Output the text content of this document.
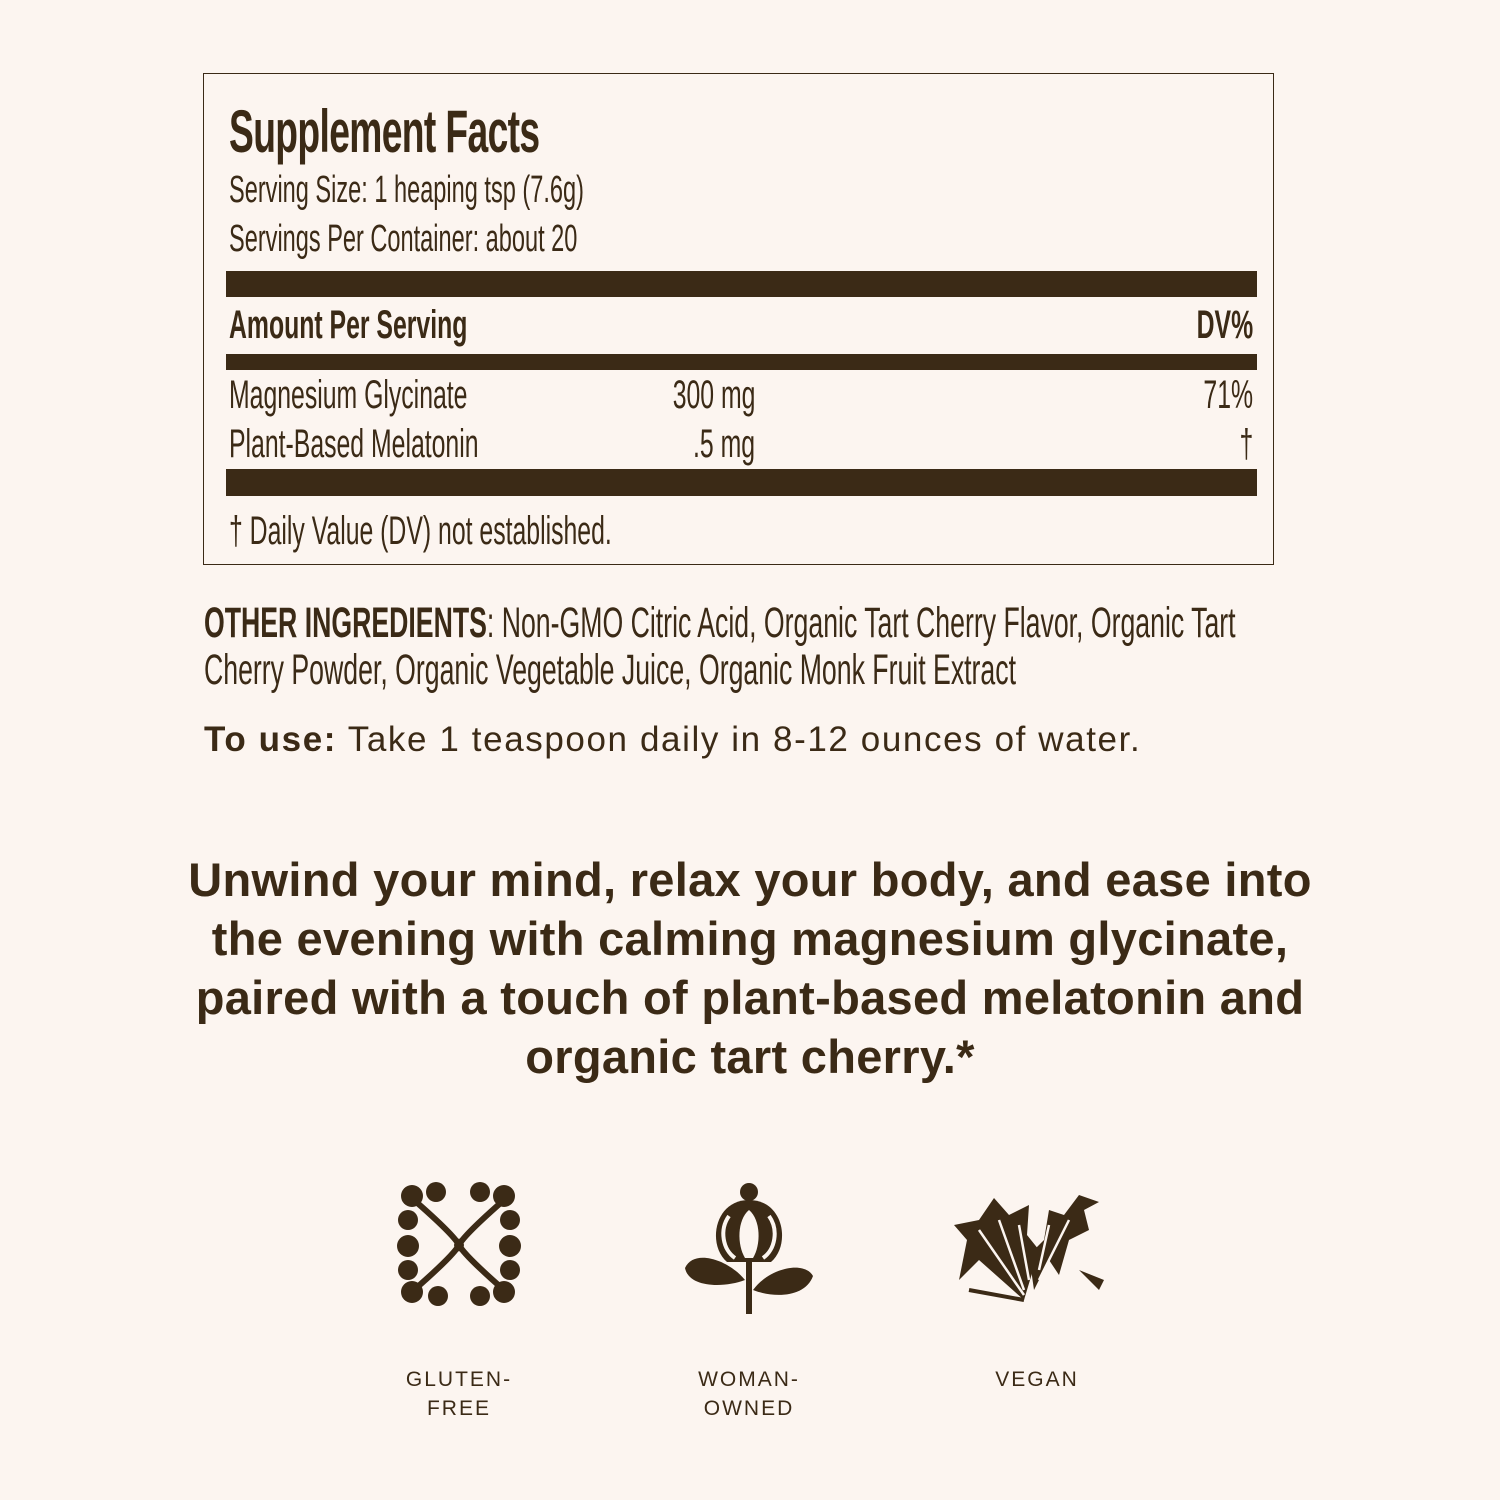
Supplement Facts
Serving Size: 1 heaping tsp (7.6g)
Servings Per Container: about 20
Amount Per Serving	DV%
Magnesium Glycinate	300 mg	71%
Plant-Based Melatonin	.5 mg	†
† Daily Value (DV) not established.
OTHER INGREDIENTS: Non-GMO Citric Acid, Organic Tart Cherry Flavor, Organic Tart Cherry Powder, Organic Vegetable Juice, Organic Monk Fruit Extract
To use: Take 1 teaspoon daily in 8-12 ounces of water.
Unwind your mind, relax your body, and ease into the evening with calming magnesium glycinate, paired with a touch of plant-based melatonin and organic tart cherry.*
GLUTEN-
FREE
WOMAN-
OWNED
VEGAN
